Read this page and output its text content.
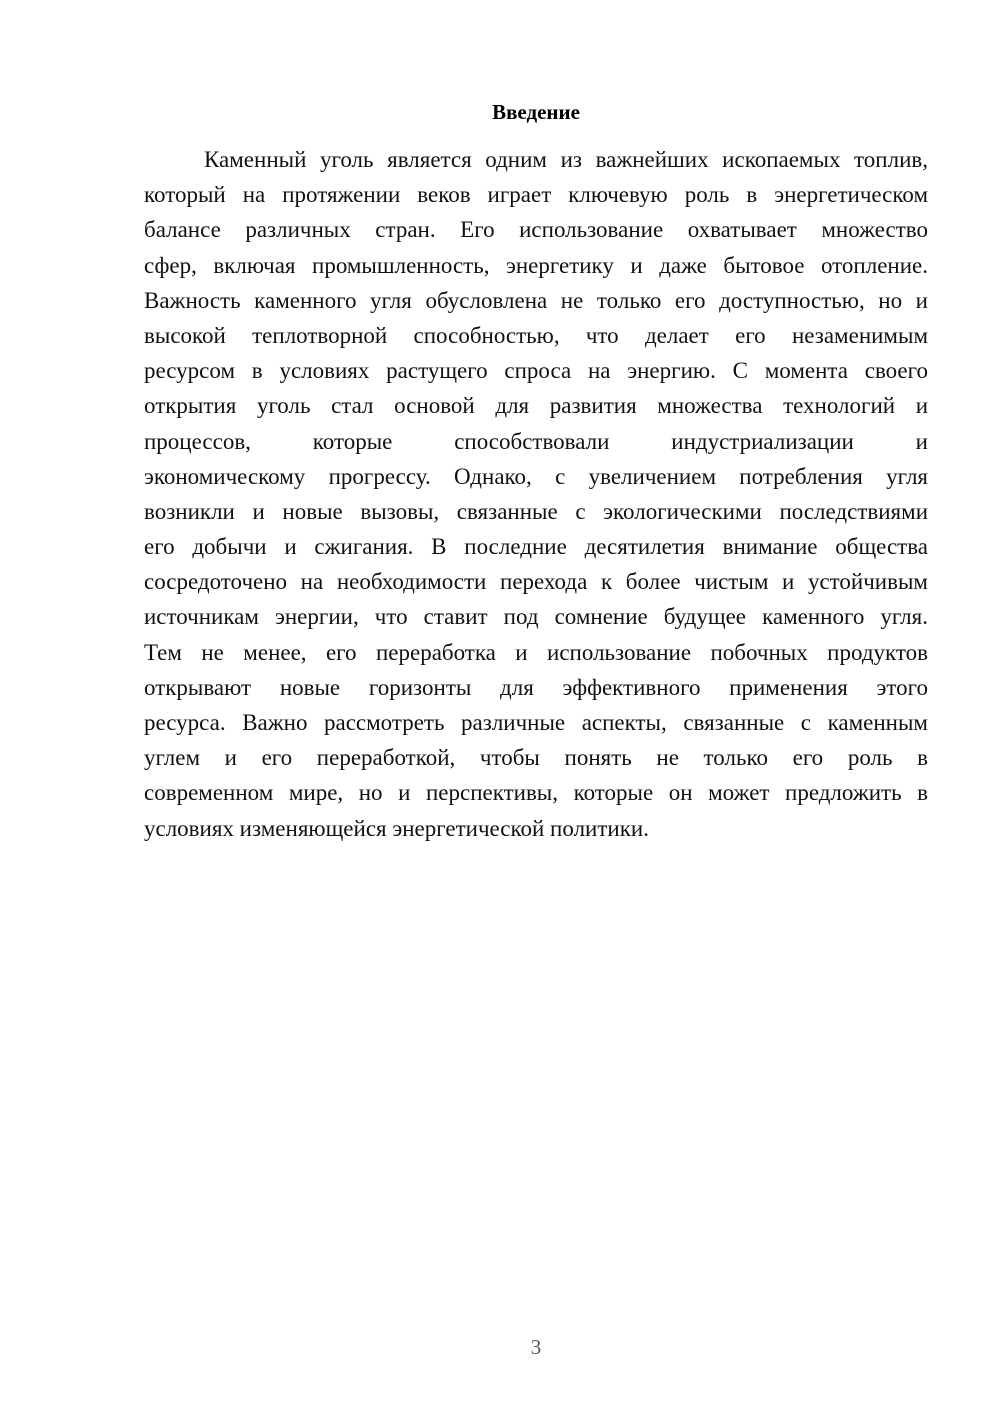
Введение

Каменный уголь является одним из важнейших ископаемых топлив,
который на протяжении веков играет ключевую роль в энергетическом
балансе различных стран. Его использование охватывает множество
сфер, включая промышленность, энергетику и даже бытовое отопление.
Важность каменного угля обусловлена не только его доступностью, но и
высокой теплотворной способностью, что делает его незаменимым
ресурсом в условиях растущего спроса на энергию. С момента своего
открытия уголь стал основой для развития множества технологий и
процессов, которые способствовали индустриализации и
экономическому прогрессу. Однако, с увеличением потребления угля
возникли и новые вызовы, связанные с экологическими последствиями
его добычи и сжигания. В последние десятилетия внимание общества
сосредоточено на необходимости перехода к более чистым и устойчивым
источникам энергии, что ставит под сомнение будущее каменного угля.
Тем не менее, его переработка и использование побочных продуктов
открывают новые горизонты для эффективного применения этого
ресурса. Важно рассмотреть различные аспекты, связанные с каменным
углем и его переработкой, чтобы понять не только его роль в
современном мире, но и перспективы, которые он может предложить в
условиях изменяющейся энергетической политики.

3
